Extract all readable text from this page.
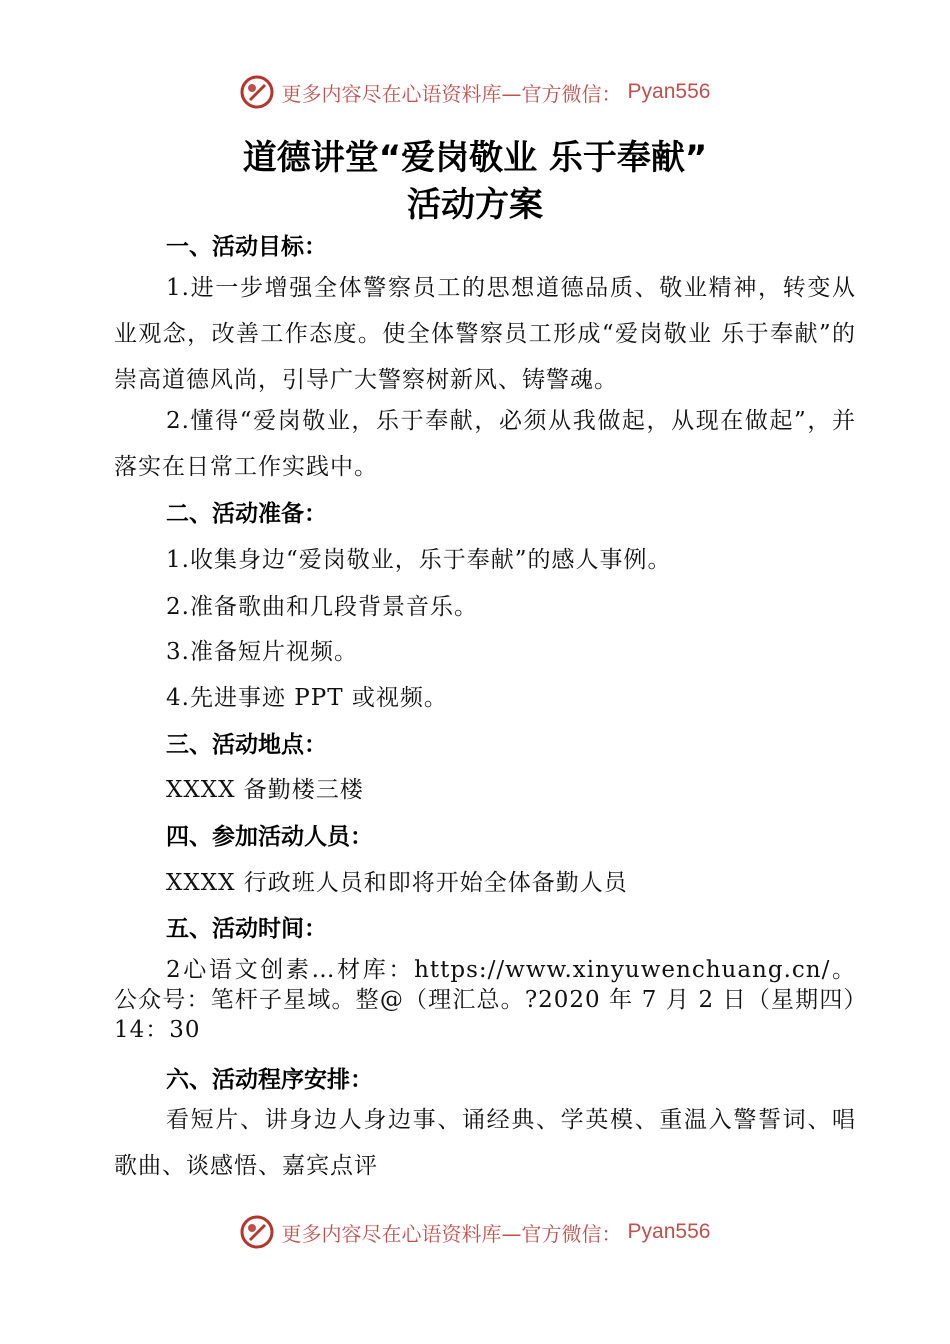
更多内容尽在心语资料库—官方微信： Pyan556
道德讲堂“爱岗敬业 乐于奉献”
活动方案
一、活动目标：
1.进一步增强全体警察员工的思想道德品质、敬业精神，转变从业观念，改善工作态度。使全体警察员工形成“爱岗敬业 乐于奉献”的崇高道德风尚，引导广大警察树新风、铸警魂。
2.懂得“爱岗敬业，乐于奉献，必须从我做起，从现在做起”，并落实在日常工作实践中。
二、活动准备：
1.收集身边“爱岗敬业，乐于奉献”的感人事例。
2.准备歌曲和几段背景音乐。
3.准备短片视频。
4.先进事迹 PPT 或视频。
三、活动地点：
XXXX 备勤楼三楼
四、参加活动人员：
XXXX 行政班人员和即将开始全体备勤人员
五、活动时间：
2心语文创素…材库：https://www.xinyuwenchuang.cn/。公众号：笔杆子星域。整@（理汇总。?2020 年 7 月 2 日（星期四）14：30
六、活动程序安排：
看短片、讲身边人身边事、诵经典、学英模、重温入警誓词、唱歌曲、谈感悟、嘉宾点评
更多内容尽在心语资料库—官方微信： Pyan556
